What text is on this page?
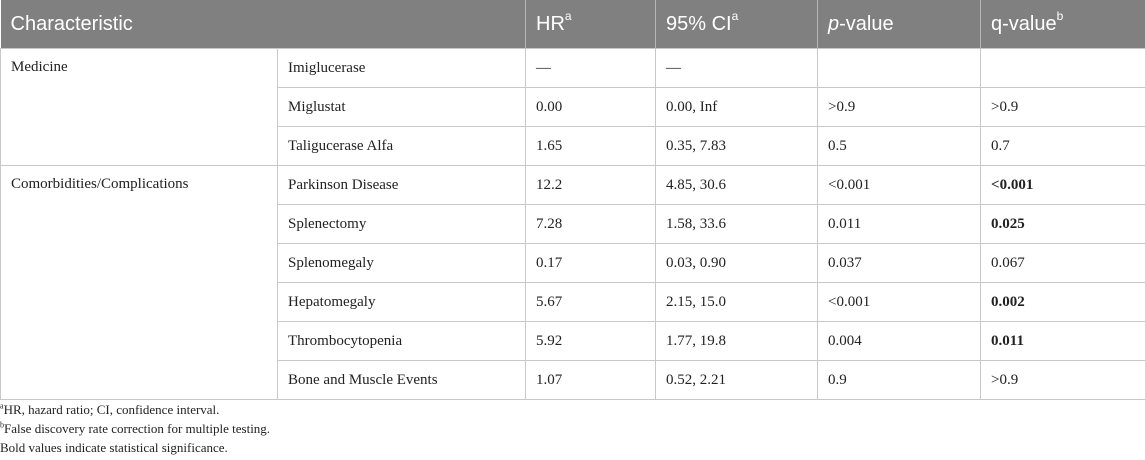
Characteristic		$HR^a$	95% $CI^a$	p-value	q-value$^b$
Medicine	Imiglucerase	—	—		
	Miglustat	0.00	0.00, Inf	>0.9	>0.9
	Taligucerase Alfa	1.65	0.35, 7.83	0.5	0.7
Comorbidities/Complications	Parkinson Disease	12.2	4.85, 30.6	<0.001	<0.001
	Splenectomy	7.28	1.58, 33.6	0.011	0.025
	Splenomegaly	0.17	0.03, 0.90	0.037	0.067
	Hepatomegaly	5.67	2.15, 15.0	<0.001	0.002
	Thrombocytopenia	5.92	1.77, 19.8	0.004	0.011
	Bone and Muscle Events	1.07	0.52, 2.21	0.9	>0.9
$^a$HR, hazard ratio; CI, confidence interval.
$^b$False discovery rate correction for multiple testing.
Bold values indicate statistical significance.
